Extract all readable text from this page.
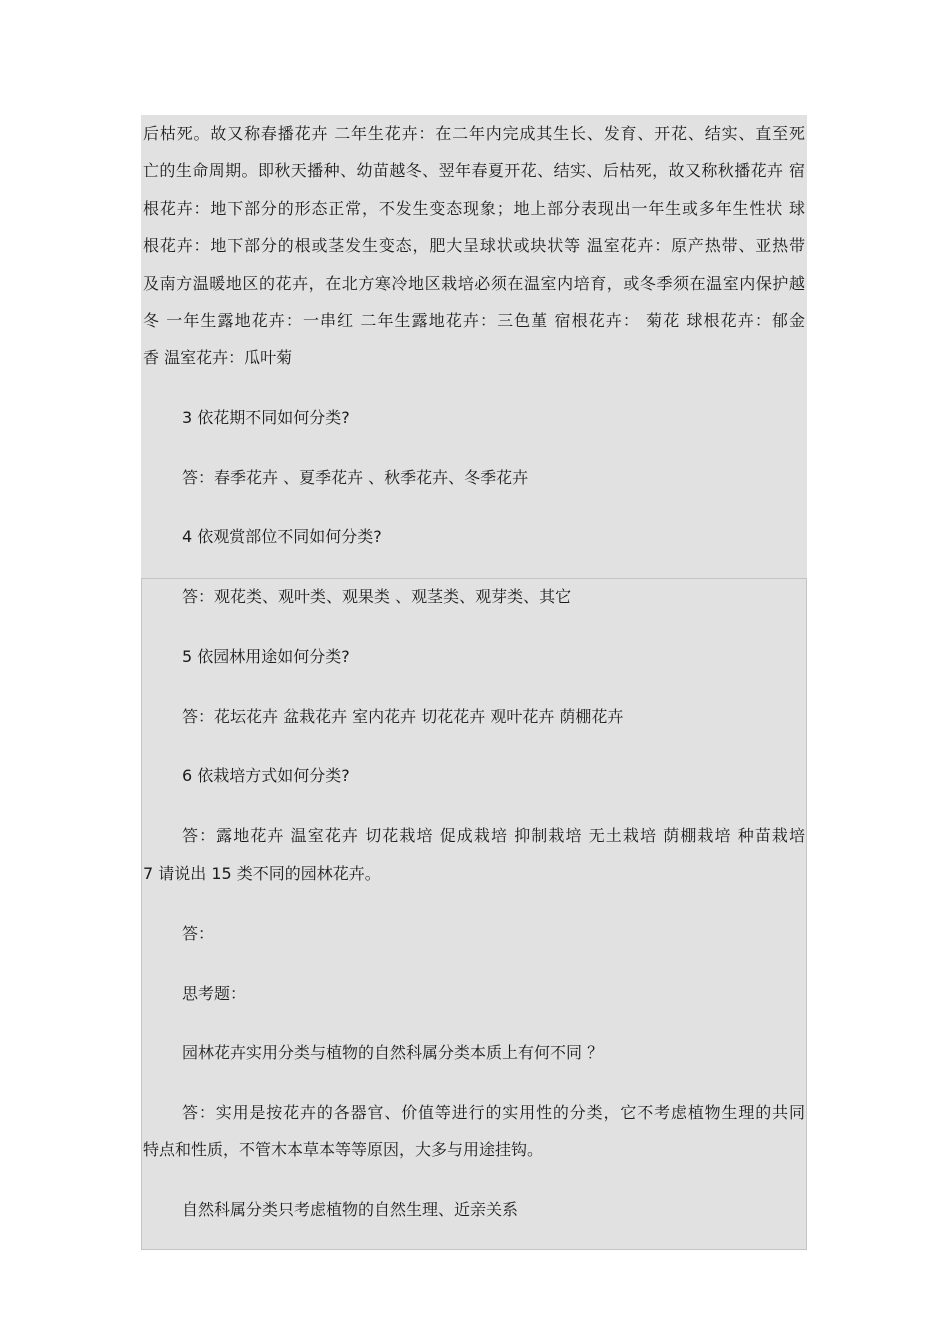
后枯死。故又称春播花卉 二年生花卉：在二年内完成其生长、发育、开花、结实、直至死

亡的生命周期。即秋天播种、幼苗越冬、翌年春夏开花、结实、后枯死，故又称秋播花卉 宿

根花卉：地下部分的形态正常，不发生变态现象；地上部分表现出一年生或多年生性状 球

根花卉：地下部分的根或茎发生变态，肥大呈球状或块状等 温室花卉：原产热带、亚热带

及南方温暖地区的花卉，在北方寒冷地区栽培必须在温室内培育，或冬季须在温室内保护越

冬 一年生露地花卉：一串红 二年生露地花卉：三色堇 宿根花卉： 菊花 球根花卉：郁金

香 温室花卉：瓜叶菊

3 依花期不同如何分类?

答：春季花卉 、夏季花卉 、秋季花卉、冬季花卉

4 依观赏部位不同如何分类?

答：观花类、观叶类、观果类 、观茎类、观芽类、其它

5 依园林用途如何分类?

答：花坛花卉 盆栽花卉 室内花卉 切花花卉 观叶花卉 荫棚花卉

6 依栽培方式如何分类?

答：露地花卉 温室花卉 切花栽培 促成栽培 抑制栽培 无土栽培 荫棚栽培 种苗栽培

7 请说出 15 类不同的园林花卉。

答：

思考题：

园林花卉实用分类与植物的自然科属分类本质上有何不同 ？

答：实用是按花卉的各器官、价值等进行的实用性的分类，它不考虑植物生理的共同

特点和性质，不管木本草本等等原因，大多与用途挂钩。

自然科属分类只考虑植物的自然生理、近亲关系
